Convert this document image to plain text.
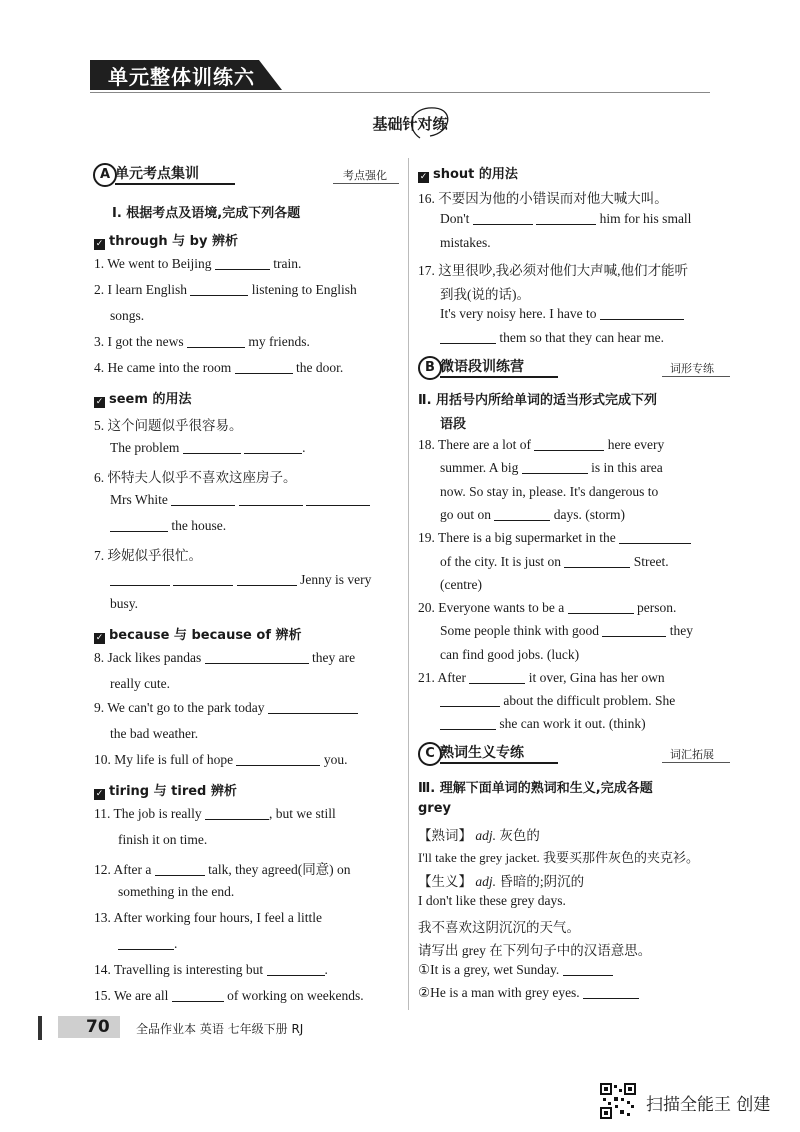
单元整体训练六
基础针对练
A 单元考点集训	考点强化
Ⅰ. 根据考点及语境,完成下列各题
✓ through 与 by 辨析
1. We went to Beijing	train.
2. I learn English	listening to English
songs.
3. I got the news	my friends.
4. He came into the room	the door.
✓ seem 的用法
5. 这个问题似乎很容易。
The problem	.
6. 怀特夫人似乎不喜欢这座房子。
Mrs White
the house.
7. 珍妮似乎很忙。
Jenny is very
busy.
✓ because 与 because of 辨析
8. Jack likes pandas	they are
really cute.
9. We can't go to the park today
the bad weather.
10. My life is full of hope	you.
✓ tiring 与 tired 辨析
11. The job is really	, but we still
finish it on time.
12. After a	talk, they agreed(同意) on
something in the end.
13. After working four hours, I feel a little
.
14. Travelling is interesting but	.
15. We are all	of working on weekends.
✓ shout 的用法
16. 不要因为他的小错误而对他大喊大叫。
Don't	him for his small
mistakes.
17. 这里很吵,我必须对他们大声喊,他们才能听
到我(说的话)。
It's very noisy here. I have to
them so that they can hear me.
B 微语段训练营	词形专练
Ⅱ. 用括号内所给单词的适当形式完成下列
语段
18. There are a lot of	here every
summer. A big	is in this area
now. So stay in, please. It's dangerous to
go out on	days. (storm)
19. There is a big supermarket in the
of the city. It is just on	Street.
(centre)
20. Everyone wants to be a	person.
Some people think with good	they
can find good jobs. (luck)
21. After	it over, Gina has her own
about the difficult problem. She
she can work it out. (think)
C 熟词生义专练	词汇拓展
Ⅲ. 理解下面单词的熟词和生义,完成各题
grey
【熟词】 adj. 灰色的
I'll take the grey jacket. 我要买那件灰色的夹克衫。
【生义】 adj. 昏暗的;阴沉的
I don't like these grey days.
我不喜欢这阴沉沉的天气。
请写出 grey 在下列句子中的汉语意思。
①It is a grey, wet Sunday.
②He is a man with grey eyes.
70	全品作业本 英语 七年级下册 RJ
扫描全能王 创建
